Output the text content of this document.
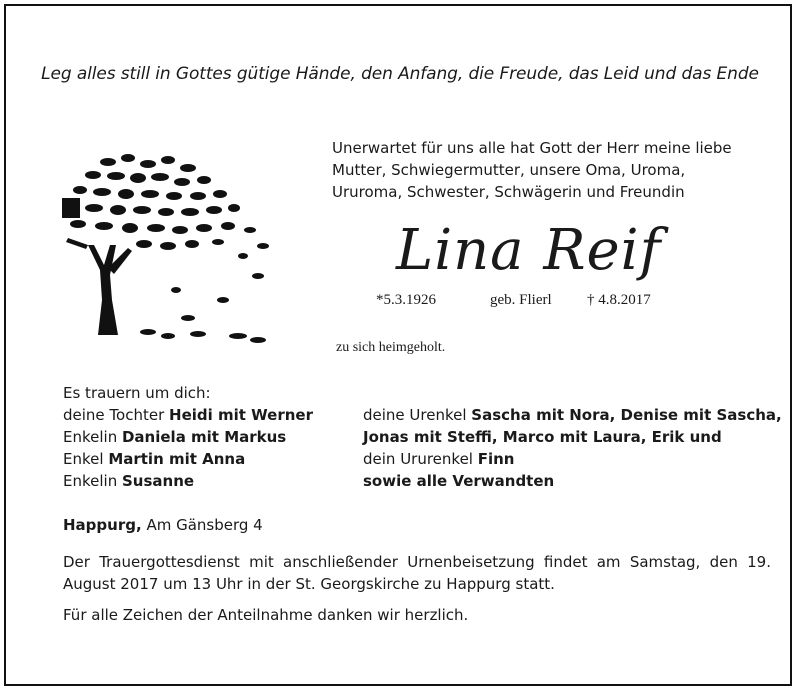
Leg alles still in Gottes gütige Hände, den Anfang, die Freude, das Leid und das Ende
Unerwartet für uns alle hat Gott der Herr meine liebe
Mutter, Schwiegermutter, unsere Oma, Uroma,
Ururoma, Schwester, Schwägerin und Freundin
Lina Reif
*5.3.1926	geb. Flierl † 4.8.2017
zu sich heimgeholt.
Es trauern um dich:
deine Tochter Heidi mit Werner
Enkelin Daniela mit Markus
Enkel Martin mit Anna
Enkelin Susanne
deine Urenkel Sascha mit Nora, Denise mit Sascha,
Jonas mit Steffi, Marco mit Laura, Erik und
dein Ururenkel Finn
sowie alle Verwandten
Happurg, Am Gänsberg 4
Der Trauergottesdienst mit anschließender Urnenbeisetzung findet am Samstag, den 19. August 2017 um 13 Uhr in der St. Georgskirche zu Happurg statt.
Für alle Zeichen der Anteilnahme danken wir herzlich.
